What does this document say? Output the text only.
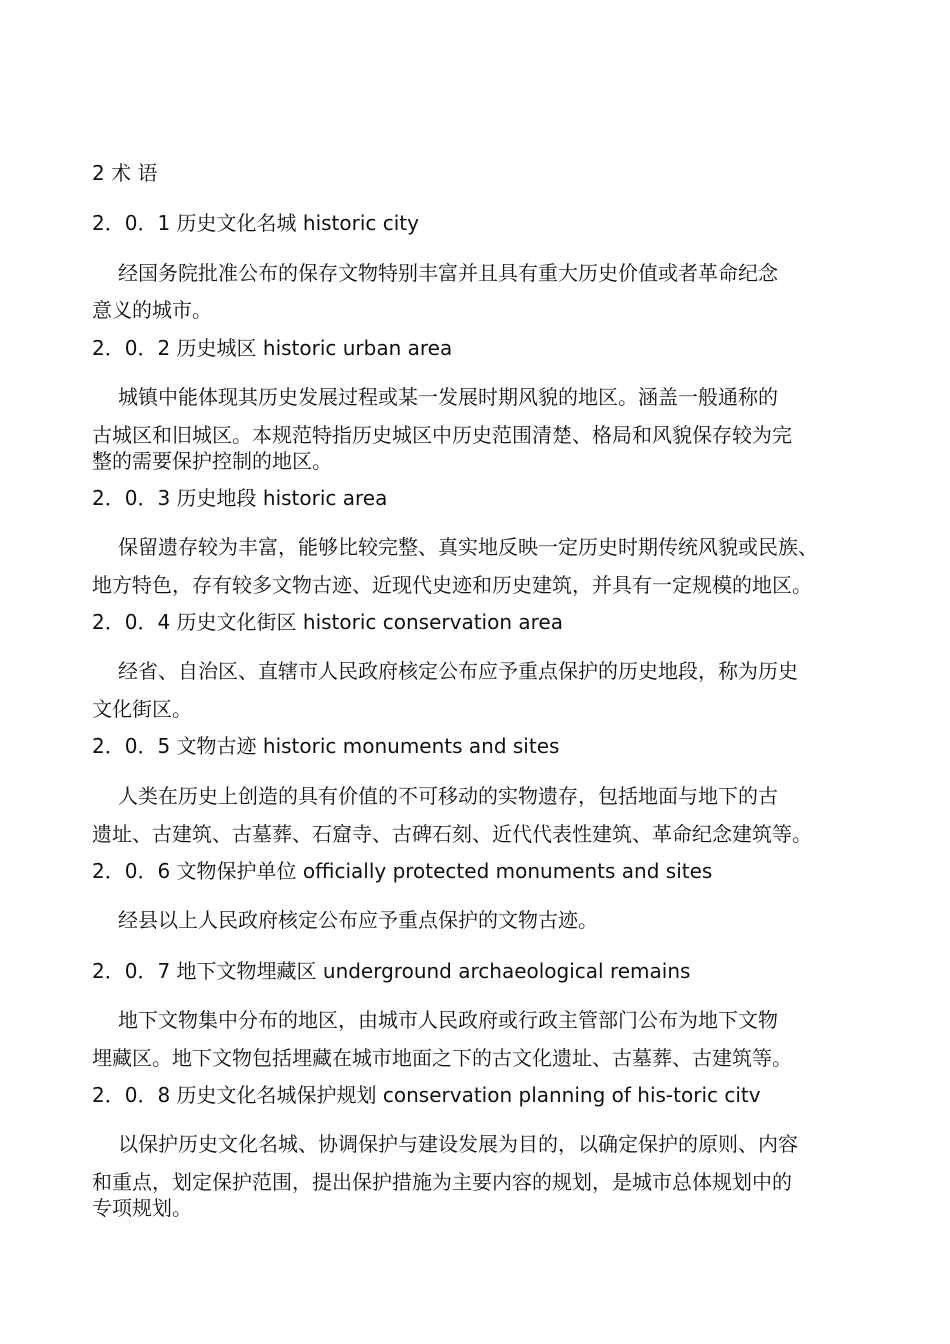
2 术 语
2．0．1 历史文化名城 historic city
经国务院批准公布的保存文物特别丰富并且具有重大历史价值或者革命纪念
意义的城市。
2．0．2 历史城区 historic urban area
城镇中能体现其历史发展过程或某一发展时期风貌的地区。涵盖一般通称的
古城区和旧城区。本规范特指历史城区中历史范围清楚、格局和风貌保存较为完
整的需要保护控制的地区。
2．0．3 历史地段 historic area
保留遗存较为丰富，能够比较完整、真实地反映一定历史时期传统风貌或民族、
地方特色，存有较多文物古迹、近现代史迹和历史建筑，并具有一定规模的地区。
2．0．4 历史文化街区 historic conservation area
经省、自治区、直辖市人民政府核定公布应予重点保护的历史地段，称为历史
文化街区。
2．0．5 文物古迹 historic monuments and sites
人类在历史上创造的具有价值的不可移动的实物遗存，包括地面与地下的古
遗址、古建筑、古墓葬、石窟寺、古碑石刻、近代代表性建筑、革命纪念建筑等。
2．0．6 文物保护单位 officially protected monuments and sites
经县以上人民政府核定公布应予重点保护的文物古迹。
2．0．7 地下文物埋藏区 underground archaeological remains
地下文物集中分布的地区，由城市人民政府或行政主管部门公布为地下文物
埋藏区。地下文物包括埋藏在城市地面之下的古文化遗址、古墓葬、古建筑等。
2．0．8 历史文化名城保护规划 conservation planning of his-toric citv
以保护历史文化名城、协调保护与建设发展为目的，以确定保护的原则、内容
和重点，划定保护范围，提出保护措施为主要内容的规划，是城市总体规划中的
专项规划。
